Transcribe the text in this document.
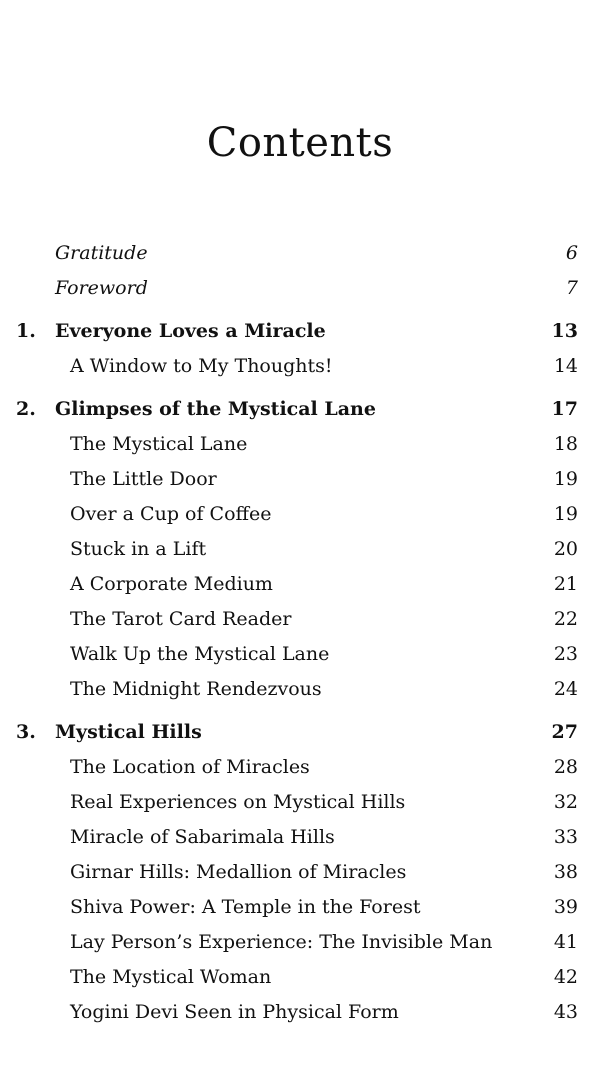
Contents
Gratitude	6
Foreword	7
1. Everyone Loves a Miracle	13
A Window to My Thoughts!	14
2. Glimpses of the Mystical Lane	17
The Mystical Lane	18
The Little Door	19
Over a Cup of Coffee	19
Stuck in a Lift	20
A Corporate Medium	21
The Tarot Card Reader	22
Walk Up the Mystical Lane	23
The Midnight Rendezvous	24
3. Mystical Hills	27
The Location of Miracles	28
Real Experiences on Mystical Hills	32
Miracle of Sabarimala Hills	33
Girnar Hills: Medallion of Miracles	38
Shiva Power: A Temple in the Forest	39
Lay Person’s Experience: The Invisible Man	41
The Mystical Woman	42
Yogini Devi Seen in Physical Form	43
